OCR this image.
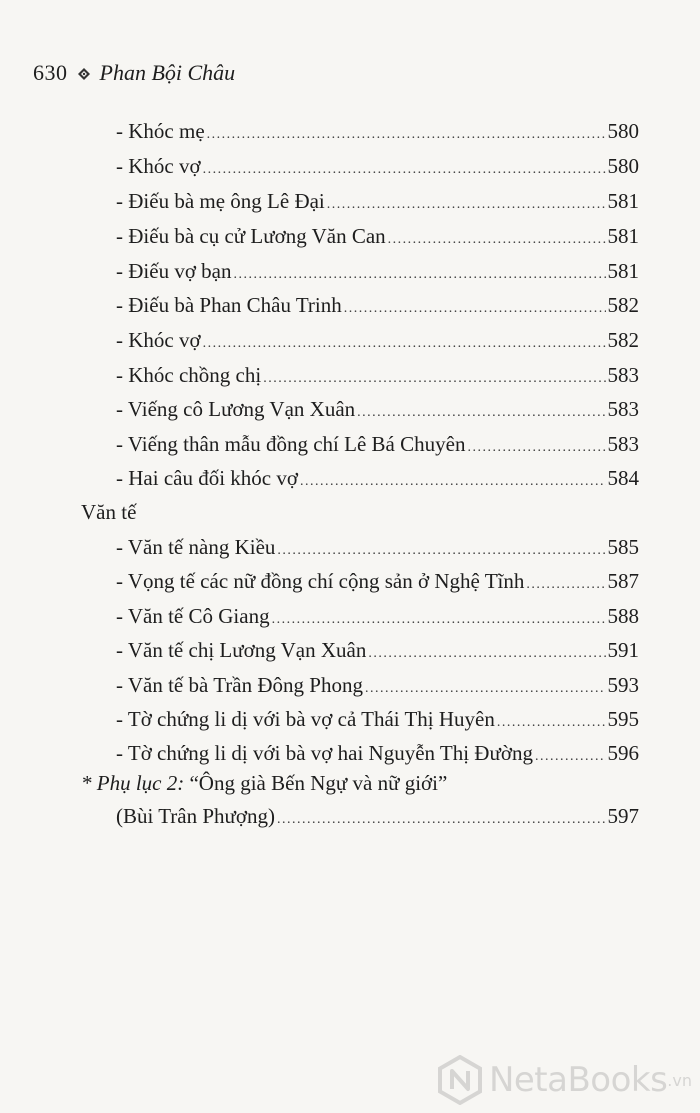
630 Phan Bội Châu
- Khóc mẹ .....	580
- Khóc vợ .....	580
- Điếu bà mẹ ông Lê Đại .....	581
- Điếu bà cụ cử Lương Văn Can .....	581
- Điếu vợ bạn .....	581
- Điếu bà Phan Châu Trinh .....	582
- Khóc vợ .....	582
- Khóc chồng chị .....	583
- Viếng cô Lương Vạn Xuân .....	583
- Viếng thân mẫu đồng chí Lê Bá Chuyên .....	583
- Hai câu đối khóc vợ .....	584
Văn tế
- Văn tế nàng Kiều .....	585
- Vọng tế các nữ đồng chí cộng sản ở Nghệ Tĩnh .....	587
- Văn tế Cô Giang .....	588
- Văn tế chị Lương Vạn Xuân .....	591
- Văn tế bà Trần Đông Phong .....	593
- Tờ chứng li dị với bà vợ cả Thái Thị Huyên .....	595
- Tờ chứng li dị với bà vợ hai Nguyễn Thị Đường .....	596
* Phụ lục 2: “Ông già Bến Ngự và nữ giới”
(Bùi Trân Phượng) .....	597
NetaBooks .vn
